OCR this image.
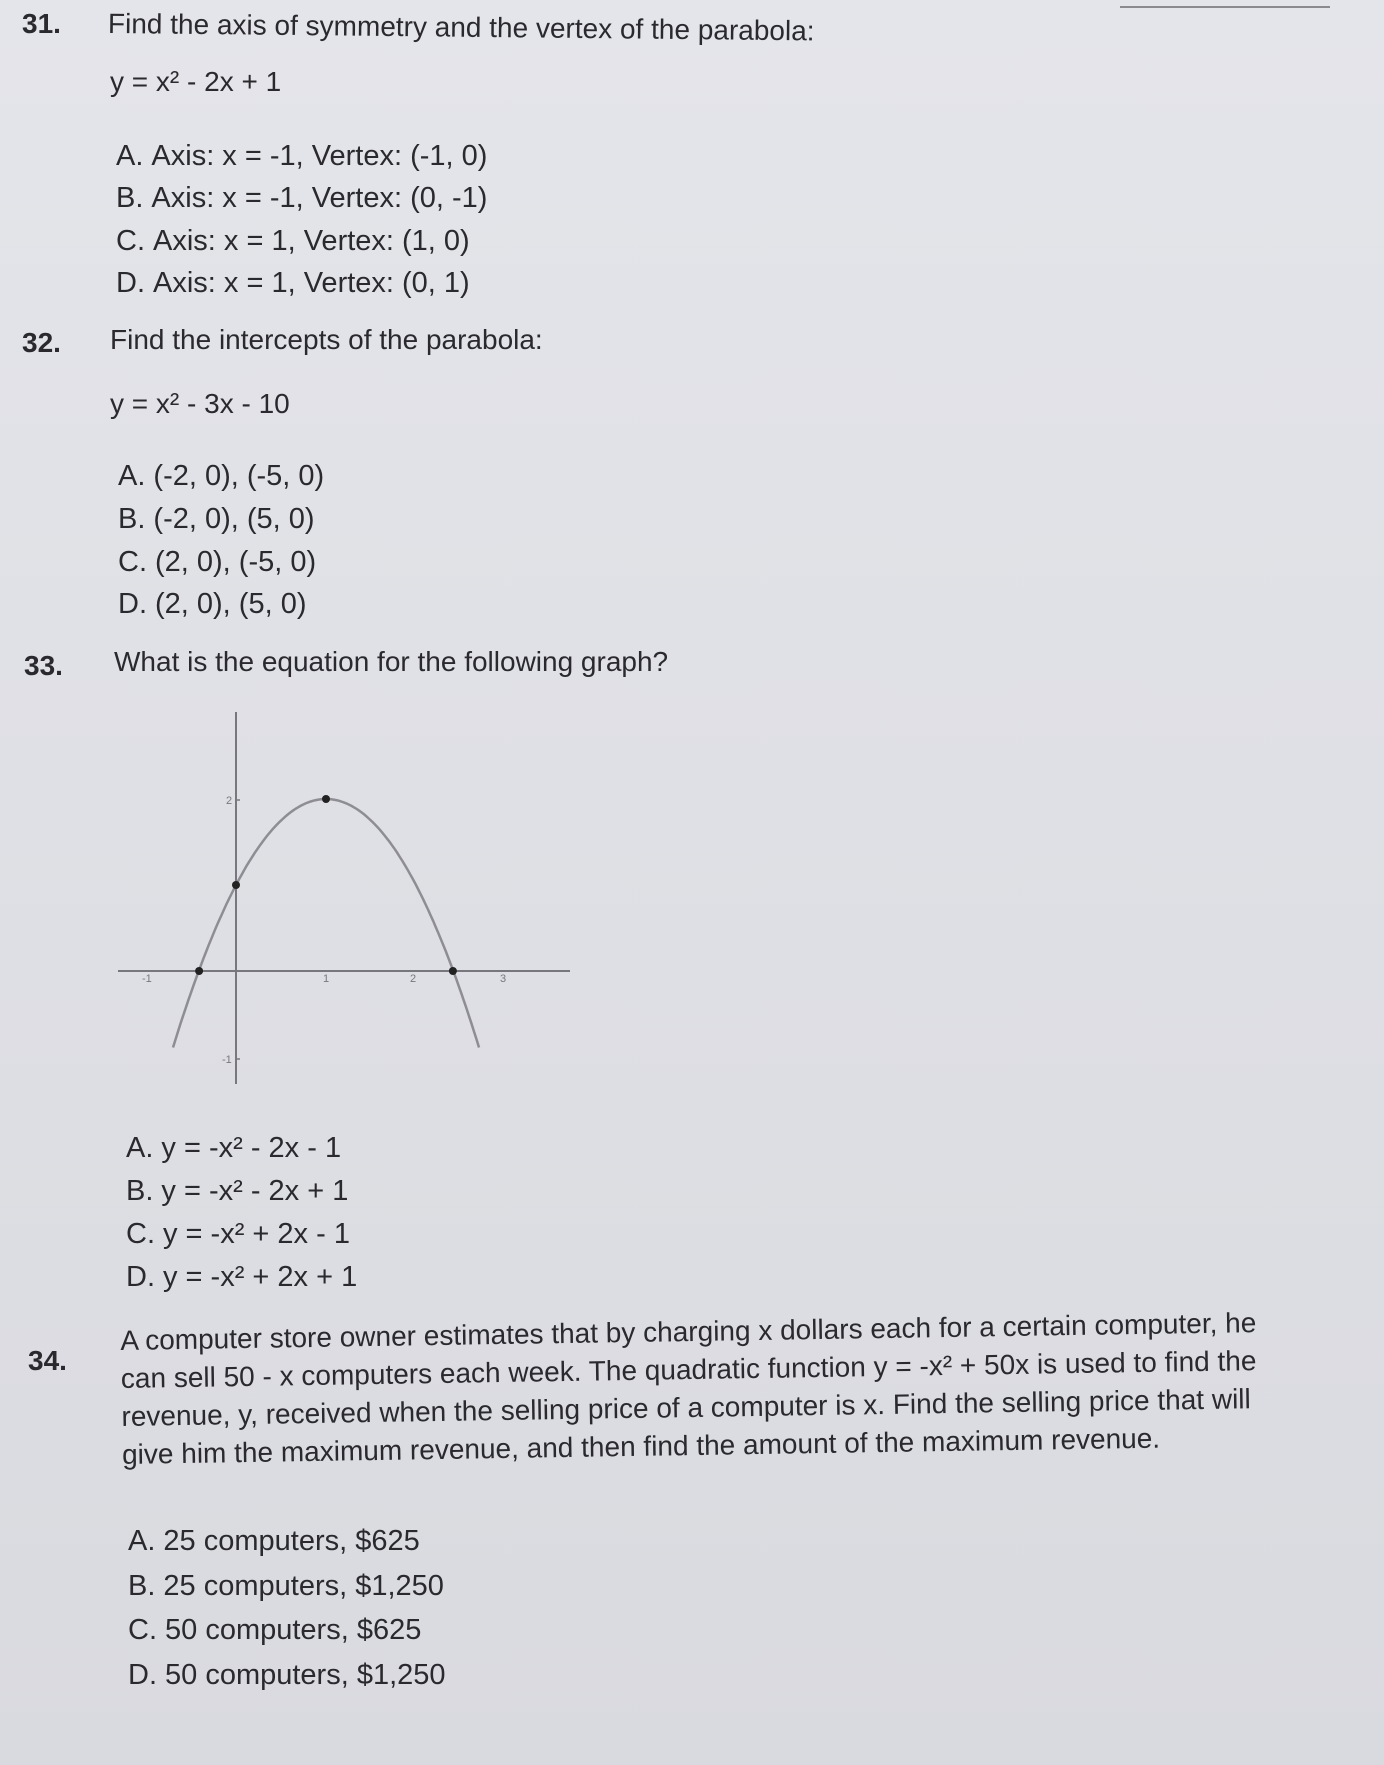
31. Find the axis of symmetry and the vertex of the parabola:
y = x² - 2x + 1
A. Axis: x = -1, Vertex: (-1, 0)
B. Axis: x = -1, Vertex: (0, -1)
C. Axis: x = 1, Vertex: (1, 0)
D. Axis: x = 1, Vertex: (0, 1)
32. Find the intercepts of the parabola:
y = x² - 3x - 10
A. (-2, 0), (-5, 0)
B. (-2, 0), (5, 0)
C. (2, 0), (-5, 0)
D. (2, 0), (5, 0)
33. What is the equation for the following graph?
-1	1	2	3
2
-1
A. y = -x² - 2x - 1
B. y = -x² - 2x + 1
C. y = -x² + 2x - 1
D. y = -x² + 2x + 1
34.
A computer store owner estimates that by charging x dollars each for a certain computer, he
can sell 50 - x computers each week. The quadratic function y = -x² + 50x is used to find the
revenue, y, received when the selling price of a computer is x. Find the selling price that will
give him the maximum revenue, and then find the amount of the maximum revenue.
A. 25 computers, $625
B. 25 computers, $1,250
C. 50 computers, $625
D. 50 computers, $1,250
